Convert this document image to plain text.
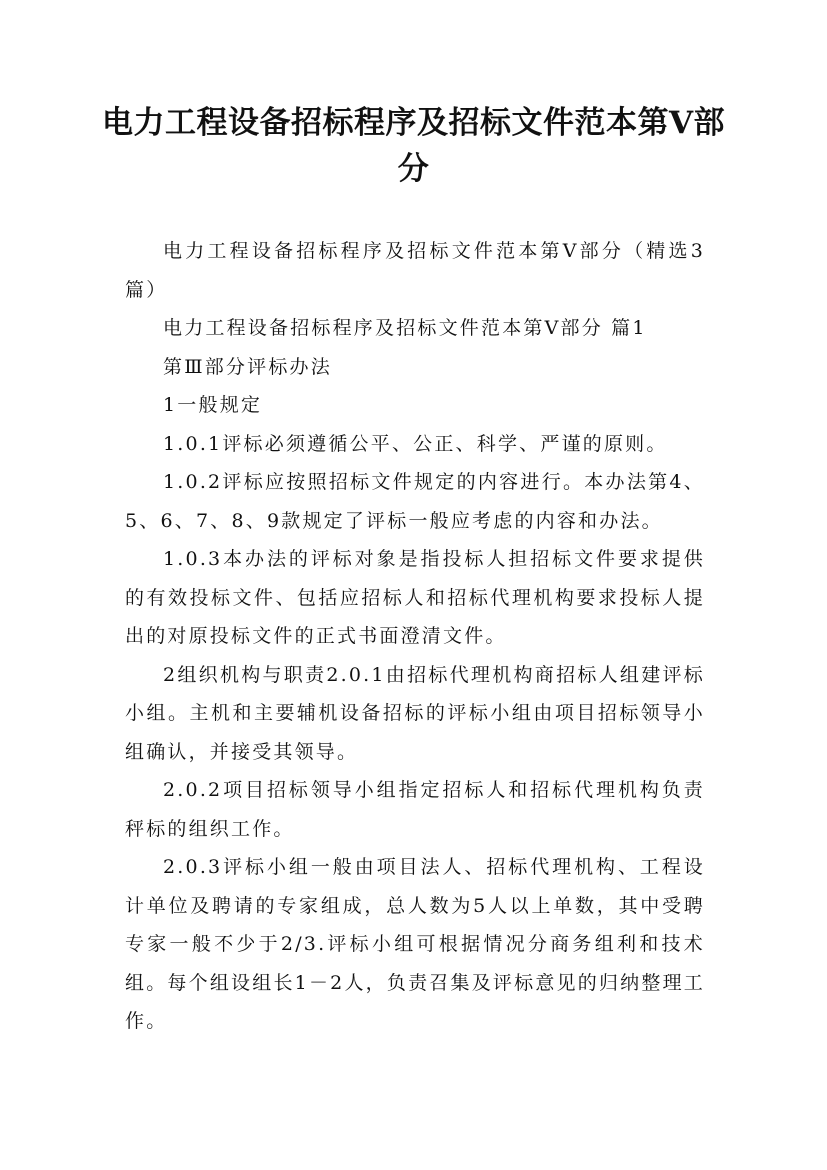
电力工程设备招标程序及招标文件范本第Ⅴ部分

电力工程设备招标程序及招标文件范本第Ⅴ部分（精选3篇）

电力工程设备招标程序及招标文件范本第Ⅴ部分 篇1

第Ⅲ部分评标办法

1一般规定

1.0.1评标必须遵循公平、公正、科学、严谨的原则。

1.0.2评标应按照招标文件规定的内容进行。本办法第4、5、6、7、8、9款规定了评标一般应考虑的内容和办法。

1.0.3本办法的评标对象是指投标人担招标文件要求提供的有效投标文件、包括应招标人和招标代理机构要求投标人提出的对原投标文件的正式书面澄清文件。

2组织机构与职责2.0.1由招标代理机构商招标人组建评标小组。主机和主要辅机设备招标的评标小组由项目招标领导小组确认，并接受其领导。

2.0.2项目招标领导小组指定招标人和招标代理机构负责秤标的组织工作。

2.0.3评标小组一般由项目法人、招标代理机构、工程设计单位及聘请的专家组成，总人数为5人以上单数，其中受聘专家一般不少于2/3.评标小组可根据情况分商务组利和技术组。每个组设组长1－2人，负责召集及评标意见的归纳整理工作。
